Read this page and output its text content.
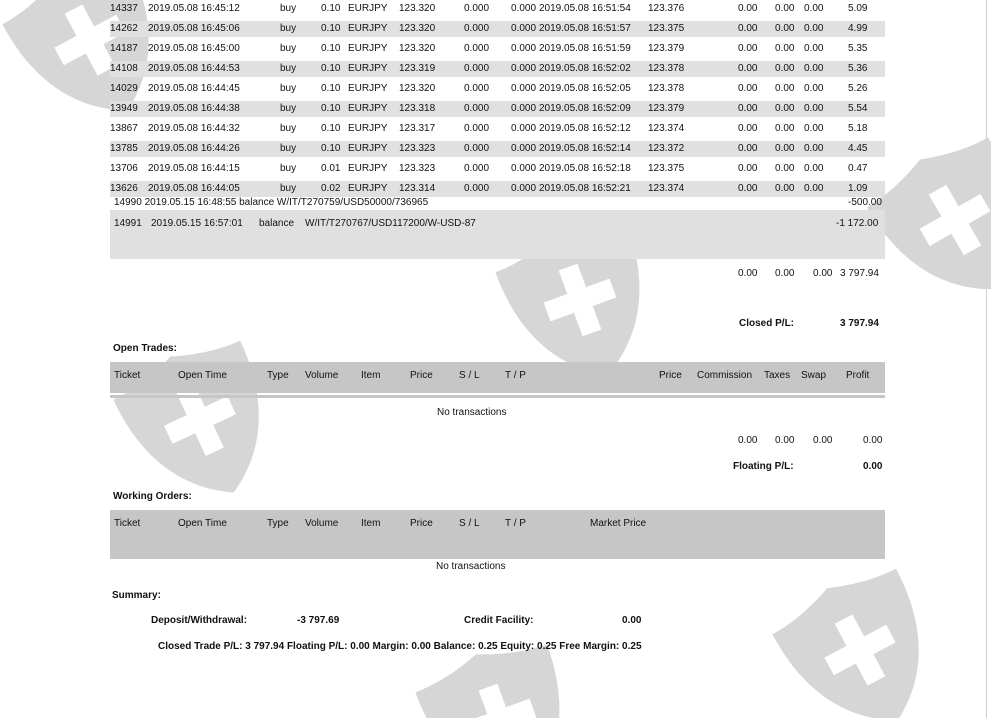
14337 2019.05.08 16:45:12	buy 0.10 EURJPY 123.320	0.000 0.000 2019.05.08 16:51:54 123.376	0.00 0.00 0.00 5.09
14262 2019.05.08 16:45:06	buy 0.10 EURJPY 123.320	0.000 0.000 2019.05.08 16:51:57 123.375	0.00 0.00 0.00 4.99
14187 2019.05.08 16:45:00	buy 0.10 EURJPY 123.320	0.000 0.000 2019.05.08 16:51:59 123.379	0.00 0.00 0.00 5.35
14108 2019.05.08 16:44:53	buy 0.10 EURJPY 123.319	0.000 0.000 2019.05.08 16:52:02 123.378	0.00 0.00 0.00 5.36
14029 2019.05.08 16:44:45	buy 0.10 EURJPY 123.320	0.000 0.000 2019.05.08 16:52:05 123.378	0.00 0.00 0.00 5.26
13949 2019.05.08 16:44:38	buy 0.10 EURJPY 123.318	0.000 0.000 2019.05.08 16:52:09 123.379	0.00 0.00 0.00 5.54
13867 2019.05.08 16:44:32	buy 0.10 EURJPY 123.317	0.000 0.000 2019.05.08 16:52:12 123.374	0.00 0.00 0.00 5.18
13785 2019.05.08 16:44:26	buy 0.10 EURJPY 123.323	0.000 0.000 2019.05.08 16:52:14 123.372	0.00 0.00 0.00 4.45
13706 2019.05.08 16:44:15	buy 0.01 EURJPY 123.323	0.000 0.000 2019.05.08 16:52:18 123.375	0.00 0.00 0.00 0.47
13626 2019.05.08 16:44:05	buy 0.02 EURJPY 123.314	0.000 0.000 2019.05.08 16:52:21 123.374	0.00 0.00 0.00 1.09
14990 2019.05.15 16:48:55 balance W/IT/T270759/USD50000/736965	-500.00
14991 2019.05.15 16:57:01 balance W/IT/T270767/USD117200/W-USD-87	-1 172.00
0.00 0.00 0.00 3 797.94
Closed P/L:	3 797.94
Open Trades:
Ticket	Open Time	Type Volume Item	Price	S / L	T / P	Price Commission Taxes Swap Profit
No transactions
0.00 0.00 0.00	0.00
Floating P/L:	0.00
Working Orders:
Ticket	Open Time	Type Volume Item	Price	S / L	T / P	Market Price
No transactions
Summary:
Deposit/Withdrawal:	-3 797.69	Credit Facility:	0.00
Closed Trade P/L: 3 797.94 Floating P/L: 0.00 Margin: 0.00 Balance: 0.25 Equity: 0.25 Free Margin: 0.25
